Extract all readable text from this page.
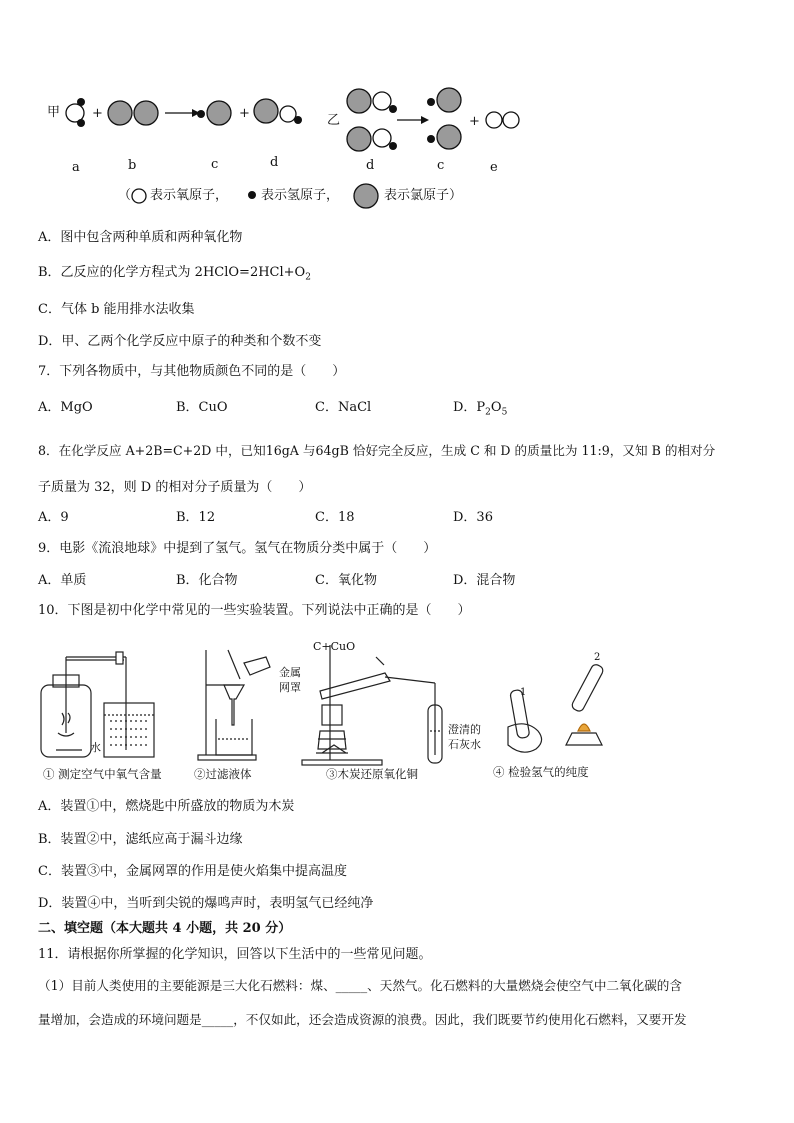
甲 +	+	乙	+
a	b	c	d	d	c	e
（ 表示氧原子，	表示氢原子，	表示氯原子）
A．图中包含两种单质和两种氧化物
B．乙反应的化学方程式为 $2HClO=2HCl+O_2$
C．气体 b 能用排水法收集
D．甲、乙两个化学反应中原子的种类和个数不变
7．下列各物质中，与其他物质颜色不同的是（　　）
A．MgO	B．CuO	C．NaCl	D．$P_2O_5$
8．在化学反应 A+2B=C+2D 中，已知16gA 与64gB 恰好完全反应，生成 C 和 D 的质量比为 11:9，又知 B 的相对分
子质量为 32，则 D 的相对分子质量为（　　）
A．9	B．12	C．18	D．36
9．电影《流浪地球》中提到了氢气。氢气在物质分类中属于（　　）
A．单质	B．化合物	C．氧化物	D．混合物
10．下图是初中化学中常见的一些实验装置。下列说法中正确的是（　　）
C+CuO
金属
网罩
澄清的
石灰水
水
1
2
① 测定空气中氧气含量	②过滤液体	③木炭还原氧化铜	④ 检验氢气的纯度
A．装置①中，燃烧匙中所盛放的物质为木炭
B．装置②中，滤纸应高于漏斗边缘
C．装置③中，金属网罩的作用是使火焰集中提高温度
D．装置④中，当听到尖锐的爆鸣声时，表明氢气已经纯净
二、填空题（本大题共 4 小题，共 20 分）
11．请根据你所掌握的化学知识，回答以下生活中的一些常见问题。
（1）目前人类使用的主要能源是三大化石燃料：煤、_____、天然气。化石燃料的大量燃烧会使空气中二氧化碳的含
量增加，会造成的环境问题是_____，不仅如此，还会造成资源的浪费。因此，我们既要节约使用化石燃料，又要开发
